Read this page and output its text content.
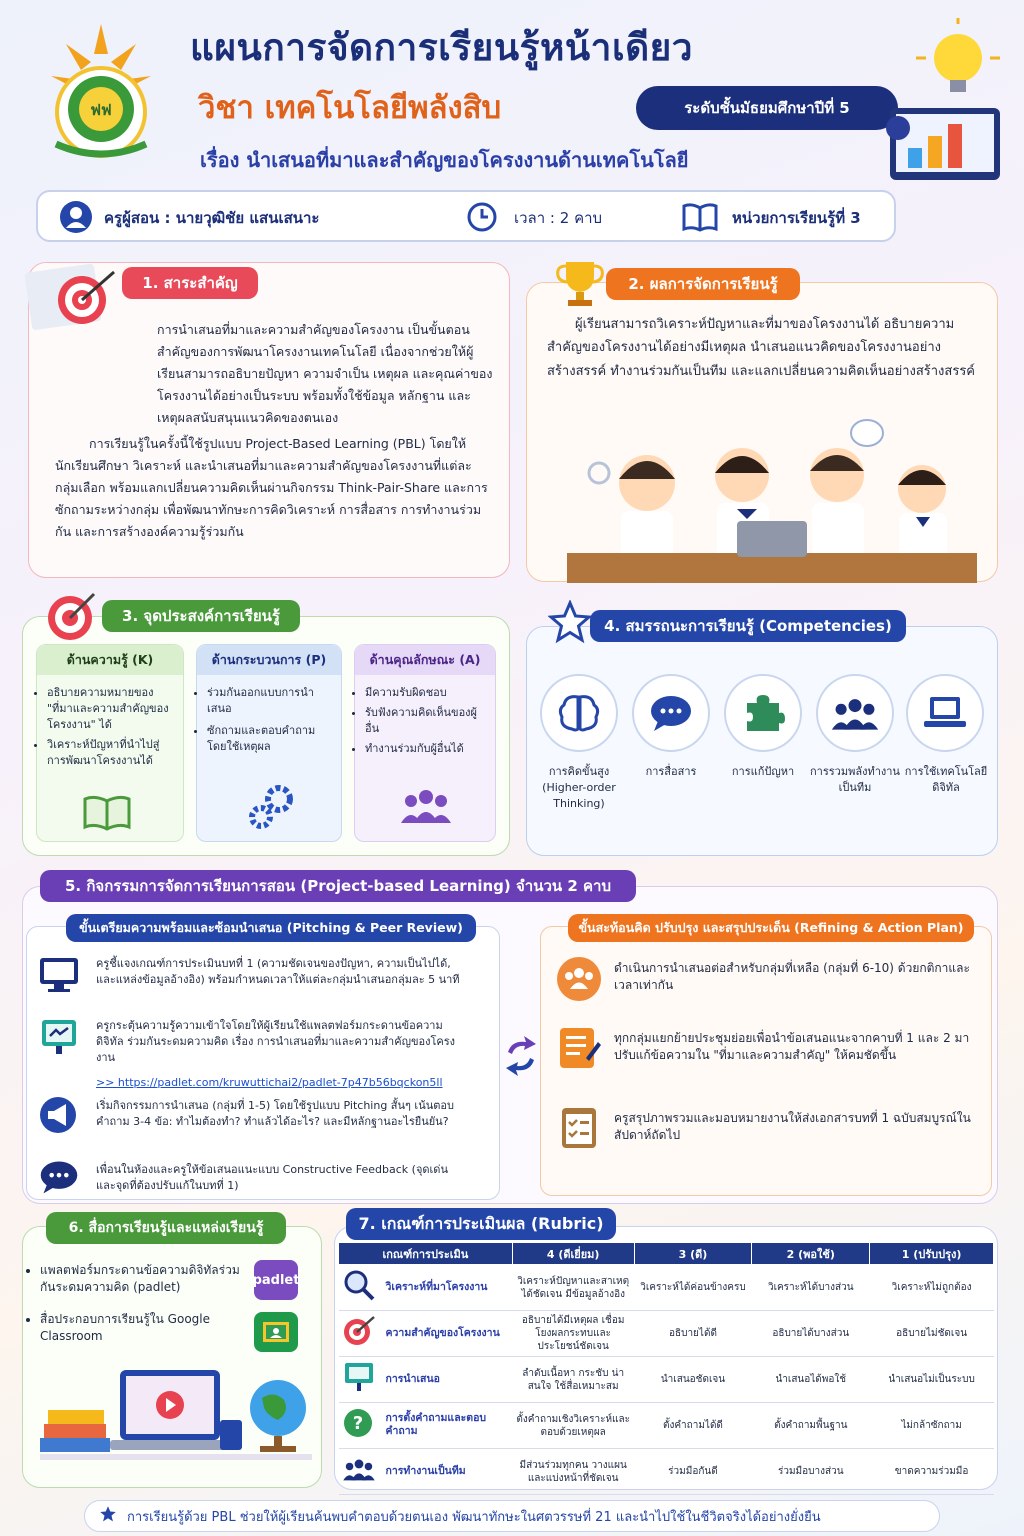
ฟฟ
แผนการจัดการเรียนรู้หน้าเดียว
วิชา เทคโนโลยีพลังสิบ	ระดับชั้นมัธยมศึกษาปีที่ 5
เรื่อง นำเสนอที่มาและสำคัญของโครงงานด้านเทคโนโลยี
ครูผู้สอน : นายวุฒิชัย แสนเสนาะ	เวลา : 2 คาบ	หน่วยการเรียนรู้ที่ 3
การนำเสนอที่มาและความสำคัญของโครงงาน เป็นขั้นตอนสำคัญของการพัฒนาโครงงานเทคโนโลยี เนื่องจากช่วยให้ผู้เรียนสามารถอธิบายปัญหา ความจำเป็น เหตุผล และคุณค่าของโครงงานได้อย่างเป็นระบบ พร้อมทั้งใช้ข้อมูล หลักฐาน และเหตุผลสนับสนุนแนวคิดของตนเอง
การเรียนรู้ในครั้งนี้ใช้รูปแบบ Project-Based Learning (PBL) โดยให้นักเรียนศึกษา วิเคราะห์ และนำเสนอที่มาและความสำคัญของโครงงานที่แต่ละกลุ่มเลือก พร้อมแลกเปลี่ยนความคิดเห็นผ่านกิจกรรม Think-Pair-Share และการซักถามระหว่างกลุ่ม เพื่อพัฒนาทักษะการคิดวิเคราะห์ การสื่อสาร การทำงานร่วมกัน และการสร้างองค์ความรู้ร่วมกัน
1. สาระสำคัญ
ผู้เรียนสามารถวิเคราะห์ปัญหาและที่มาของโครงงานได้ อธิบายความสำคัญของโครงงานได้อย่างมีเหตุผล นำเสนอแนวคิดของโครงงานอย่างสร้างสรรค์ ทำงานร่วมกันเป็นทีม และแลกเปลี่ยนความคิดเห็นอย่างสร้างสรรค์
2. ผลการจัดการเรียนรู้
3. จุดประสงค์การเรียนรู้
ด้านความรู้ (K)
• อธิบายความหมายของ "ที่มาและความสำคัญของโครงงาน" ได้
• วิเคราะห์ปัญหาที่นำไปสู่การพัฒนาโครงงานได้
ด้านกระบวนการ (P)
• ร่วมกันออกแบบการนำเสนอ
• ซักถามและตอบคำถามโดยใช้เหตุผล
ด้านคุณลักษณะ (A)
• มีความรับผิดชอบ
• รับฟังความคิดเห็นของผู้อื่น
• ทำงานร่วมกับผู้อื่นได้
4. สมรรถนะการเรียนรู้ (Competencies)
การคิดขั้นสูง (Higher-order Thinking)
การสื่อสาร	การแก้ปัญหา	การรวมพลังทำงานเป็นทีม
การใช้เทคโนโลยีดิจิทัล
5. กิจกรรมการจัดการเรียนการสอน (Project-based Learning) จำนวน 2 คาบ
ขั้นเตรียมความพร้อมและซ้อมนำเสนอ (Pitching & Peer Review)
ครูชี้แจงเกณฑ์การประเมินบทที่ 1 (ความชัดเจนของปัญหา, ความเป็นไปได้, และแหล่งข้อมูลอ้างอิง) พร้อมกำหนดเวลาให้แต่ละกลุ่มนำเสนอกลุ่มละ 5 นาที
ครูกระตุ้นความรู้ความเข้าใจโดยให้ผู้เรียนใช้แพลตฟอร์มกระดานข้อความดิจิทัล ร่วมกันระดมความคิด เรื่อง การนำเสนอที่มาและความสำคัญของโครงงาน
>> https://padlet.com/kruwuttichai2/padlet-7p47b56bqckon5ll
เริ่มกิจกรรมการนำเสนอ (กลุ่มที่ 1-5) โดยใช้รูปแบบ Pitching สั้นๆ เน้นตอบคำถาม 3-4 ข้อ: ทำไมต้องทำ? ทำแล้วได้อะไร? และมีหลักฐานอะไรยืนยัน?
เพื่อนในห้องและครูให้ข้อเสนอแนะแบบ Constructive Feedback (จุดเด่น และจุดที่ต้องปรับแก้ในบทที่ 1)
ขั้นสะท้อนคิด ปรับปรุง และสรุปประเด็น (Refining & Action Plan)
ดำเนินการนำเสนอต่อสำหรับกลุ่มที่เหลือ (กลุ่มที่ 6-10) ด้วยกติกาและเวลาเท่ากัน
ทุกกลุ่มแยกย้ายประชุมย่อยเพื่อนำข้อเสนอแนะจากคาบที่ 1 และ 2 มาปรับแก้ข้อความใน "ที่มาและความสำคัญ" ให้คมชัดขึ้น
ครูสรุปภาพรวมและมอบหมายงานให้ส่งเอกสารบทที่ 1 ฉบับสมบูรณ์ในสัปดาห์ถัดไป
6. สื่อการเรียนรู้และแหล่งเรียนรู้
• แพลตฟอร์มกระดานข้อความดิจิทัลร่วมกันระดมความคิด (padlet)
• สื่อประกอบการเรียนรู้ใน Google Classroom
padlet
7. เกณฑ์การประเมินผล (Rubric)
เกณฑ์การประเมิน	4 (ดีเยี่ยม)	3 (ดี)	2 (พอใช้)	1 (ปรับปรุง)

วิเคราะห์ที่มาโครงงาน	วิเคราะห์ปัญหาและสาเหตุได้ชัดเจน มีข้อมูลอ้างอิง	วิเคราะห์ได้ค่อนข้างครบ	วิเคราะห์ได้บางส่วน	วิเคราะห์ไม่ถูกต้อง

ความสำคัญของโครงงาน	อธิบายได้มีเหตุผล เชื่อมโยงผลกระทบและประโยชน์ชัดเจน	อธิบายได้ดี	อธิบายได้บางส่วน	อธิบายไม่ชัดเจน

การนำเสนอ	ลำดับเนื้อหา กระชับ น่าสนใจ ใช้สื่อเหมาะสม	นำเสนอชัดเจน	นำเสนอได้พอใช้	นำเสนอไม่เป็นระบบ

? การตั้งคำถามและตอบคำถาม	ตั้งคำถามเชิงวิเคราะห์และตอบด้วยเหตุผล	ตั้งคำถามได้ดี	ตั้งคำถามพื้นฐาน	ไม่กล้าซักถาม

การทำงานเป็นทีม	มีส่วนร่วมทุกคน วางแผนและแบ่งหน้าที่ชัดเจน	ร่วมมือกันดี	ร่วมมือบางส่วน	ขาดความร่วมมือ
การเรียนรู้ด้วย PBL ช่วยให้ผู้เรียนค้นพบคำตอบด้วยตนเอง พัฒนาทักษะในศตวรรษที่ 21 และนำไปใช้ในชีวิตจริงได้อย่างยั่งยืน
